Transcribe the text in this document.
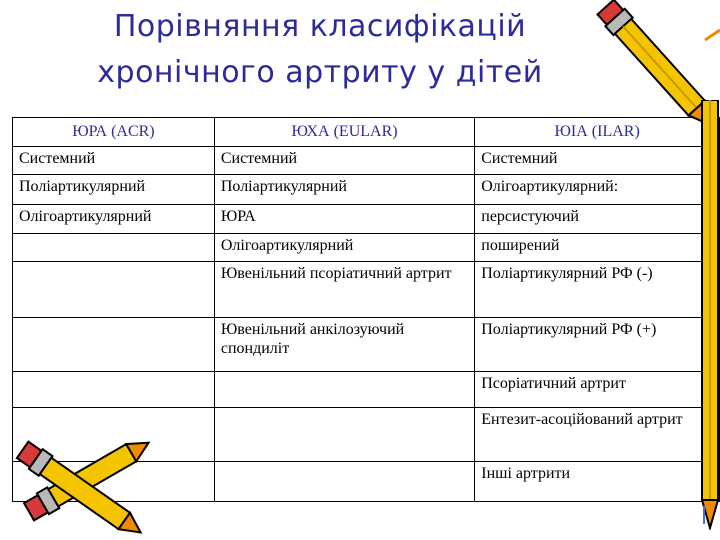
Порівняння класифікацій
хронічного артриту у дітей
ЮРА (ACR)	ЮХА (EULAR)	ЮІА (ILAR)
Системний	Системний	Системний
Поліартикулярний	Поліартикулярний	Олігоартикулярний:
Олігоартикулярний	ЮРА	персистуючий
	Олігоартикулярний	поширений
	Ювенільний псоріатичний артрит	Поліартикулярний РФ (-)
	Ювенільний анкілозуючий спондиліт	Поліартикулярний РФ (+)
		Псоріатичний артрит
		Ентезит-асоційований артрит
		Інші артрити
